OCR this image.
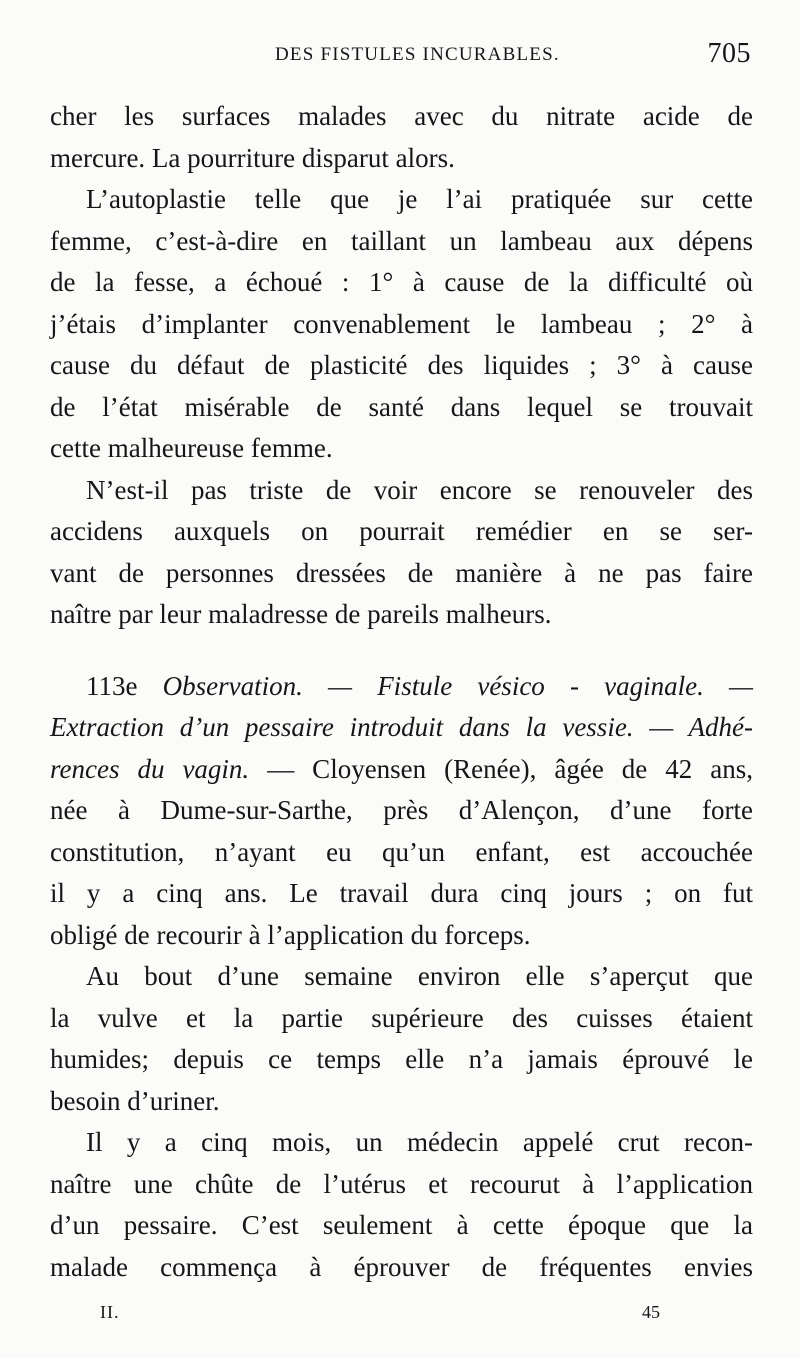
DES FISTULES INCURABLES.	705
cher les surfaces malades avec du nitrate acide de
mercure. La pourriture disparut alors.
L’autoplastie telle que je l’ai pratiquée sur cette
femme, c’est-à-dire en taillant un lambeau aux dépens
de la fesse, a échoué : 1° à cause de la difficulté où
j’étais d’implanter convenablement le lambeau ; 2° à
cause du défaut de plasticité des liquides ; 3° à cause
de l’état misérable de santé dans lequel se trouvait
cette malheureuse femme.
N’est-il pas triste de voir encore se renouveler des
accidens auxquels on pourrait remédier en se ser-
vant de personnes dressées de manière à ne pas faire
naître par leur maladresse de pareils malheurs.
113e Observation. — Fistule vésico - vaginale. —
Extraction d’un pessaire introduit dans la vessie. — Adhé-
rences du vagin. — Cloyensen (Renée), âgée de 42 ans,
née à Dume-sur-Sarthe, près d’Alençon, d’une forte
constitution, n’ayant eu qu’un enfant, est accouchée
il y a cinq ans. Le travail dura cinq jours ; on fut
obligé de recourir à l’application du forceps.
Au bout d’une semaine environ elle s’aperçut que
la vulve et la partie supérieure des cuisses étaient
humides; depuis ce temps elle n’a jamais éprouvé le
besoin d’uriner.
Il y a cinq mois, un médecin appelé crut recon-
naître une chûte de l’utérus et recourut à l’application
d’un pessaire. C’est seulement à cette époque que la
malade commença à éprouver de fréquentes envies
II.	45
